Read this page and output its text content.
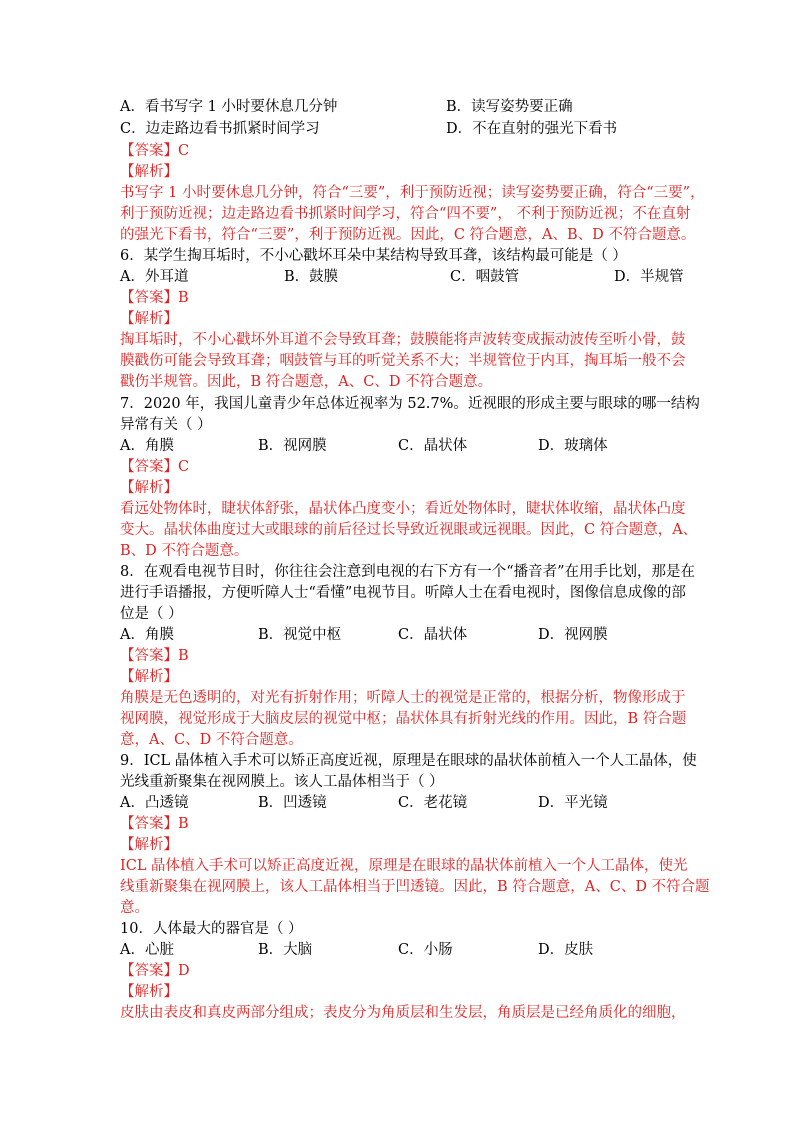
A．看书写字 1 小时要休息几分钟	B．读写姿势要正确
C．边走路边看书抓紧时间学习	D．不在直射的强光下看书
【答案】C
【解析】
书写字 1 小时要休息几分钟，符合“三要”，利于预防近视；读写姿势要正确，符合“三要”，
利于预防近视；边走路边看书抓紧时间学习，符合“四不要”， 不利于预防近视；不在直射
的强光下看书，符合“三要”，利于预防近视。因此，C 符合题意，A、B、D 不符合题意。
6．某学生掏耳垢时，不小心戳坏耳朵中某结构导致耳聋，该结构最可能是（ ）
A．外耳道	B．鼓膜	C．咽鼓管	D．半规管
【答案】B
【解析】
掏耳垢时，不小心戳坏外耳道不会导致耳聋；鼓膜能将声波转变成振动波传至听小骨，鼓
膜戳伤可能会导致耳聋；咽鼓管与耳的听觉关系不大；半规管位于内耳，掏耳垢一般不会
戳伤半规管。因此，B 符合题意，A、C、D 不符合题意。
7．2020 年，我国儿童青少年总体近视率为 52.7%。近视眼的形成主要与眼球的哪一结构
异常有关（ ）
A．角膜	B．视网膜	C．晶状体	D．玻璃体
【答案】C
【解析】
看远处物体时，睫状体舒张，晶状体凸度变小；看近处物体时，睫状体收缩，晶状体凸度
变大。晶状体曲度过大或眼球的前后径过长导致近视眼或远视眼。因此，C 符合题意，A、
B、D 不符合题意。
8．在观看电视节目时，你往往会注意到电视的右下方有一个“播音者”在用手比划，那是在
进行手语播报，方便听障人士“看懂”电视节目。听障人士在看电视时，图像信息成像的部
位是（ ）
A．角膜	B．视觉中枢	C．晶状体	D．视网膜
【答案】B
【解析】
角膜是无色透明的，对光有折射作用；听障人士的视觉是正常的，根据分析，物像形成于
视网膜，视觉形成于大脑皮层的视觉中枢；晶状体具有折射光线的作用。因此，B 符合题
意，A、C、D 不符合题意。
9．ICL 晶体植入手术可以矫正高度近视，原理是在眼球的晶状体前植入一个人工晶体，使
光线重新聚集在视网膜上。该人工晶体相当于（ ）
A．凸透镜	B．凹透镜	C．老花镜	D．平光镜
【答案】B
【解析】
ICL 晶体植入手术可以矫正高度近视，原理是在眼球的晶状体前植入一个人工晶体，使光
线重新聚集在视网膜上，该人工晶体相当于凹透镜。因此，B 符合题意，A、C、D 不符合题
意。
10．人体最大的器官是（ ）
A．心脏	B．大脑	C．小肠	D．皮肤
【答案】D
【解析】
皮肤由表皮和真皮两部分组成；表皮分为角质层和生发层，角质层是已经角质化的细胞，
